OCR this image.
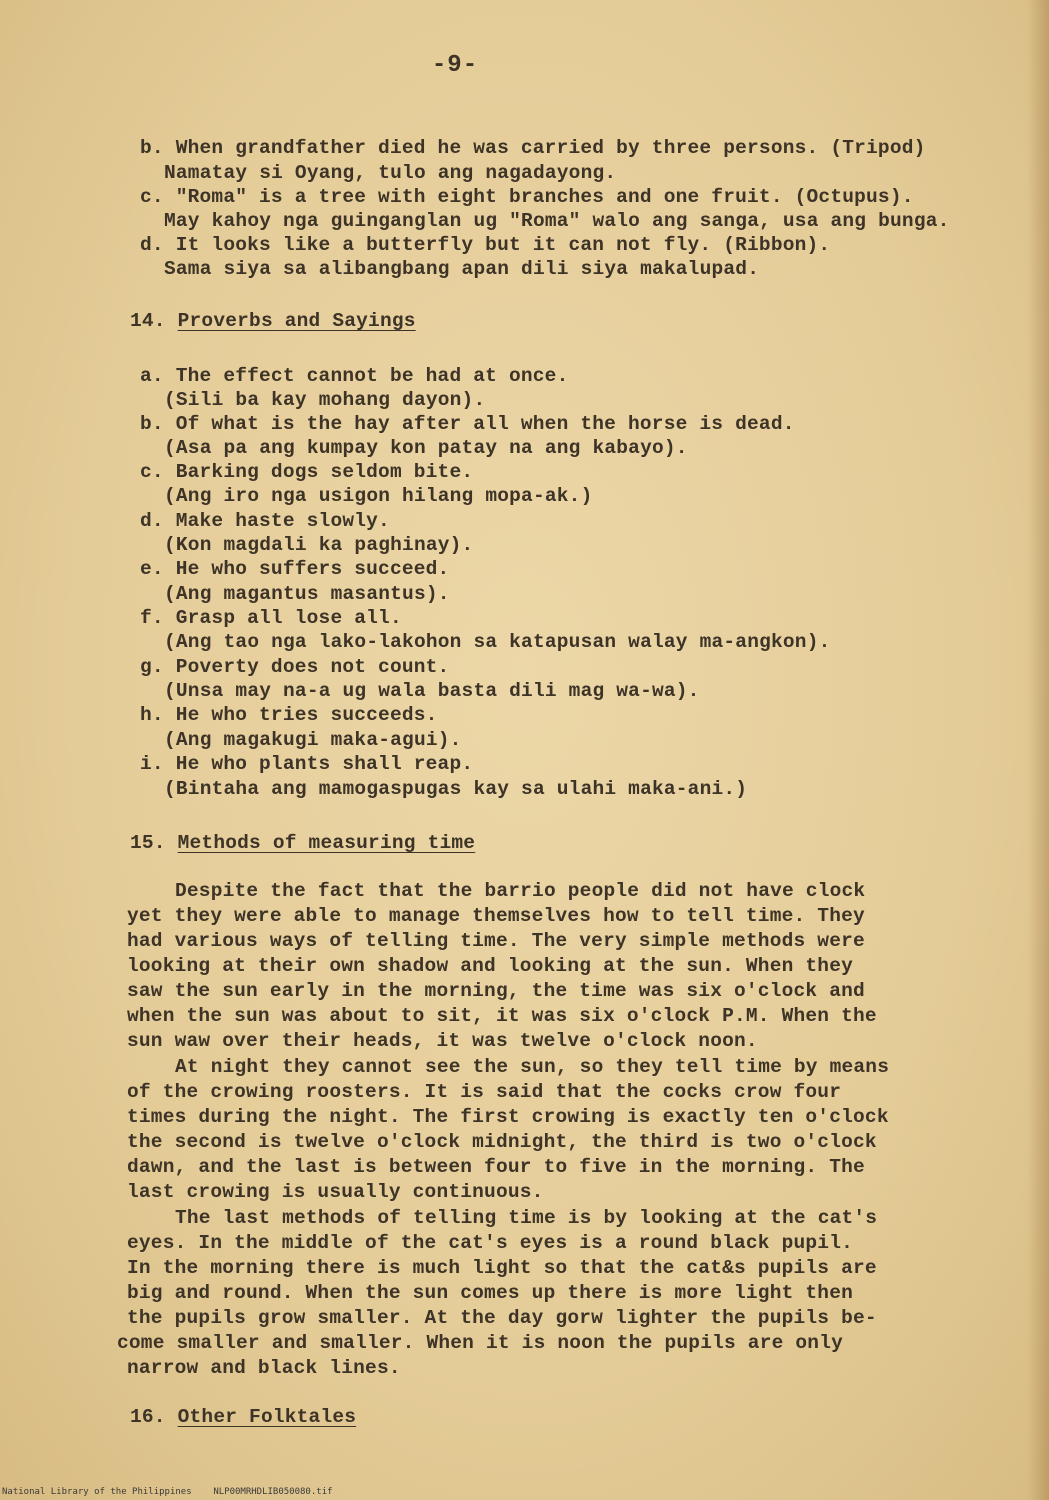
-9-
b. When grandfather died he was carried by three persons. (Tripod)
Namatay si Oyang, tulo ang nagadayong.
c. "Roma" is a tree with eight branches and one fruit. (Octupus).
May kahoy nga guinganglan ug "Roma" walo ang sanga, usa ang bunga.
d. It looks like a butterfly but it can not fly. (Ribbon).
Sama siya sa alibangbang apan dili siya makalupad.
14. Proverbs and Sayings
a. The effect cannot be had at once.
(Sili ba kay mohang dayon).
b. Of what is the hay after all when the horse is dead.
(Asa pa ang kumpay kon patay na ang kabayo).
c. Barking dogs seldom bite.
(Ang iro nga usigon hilang mopa-ak.)
d. Make haste slowly.
(Kon magdali ka paghinay).
e. He who suffers succeed.
(Ang magantus masantus).
f. Grasp all lose all.
(Ang tao nga lako-lakohon sa katapusan walay ma-angkon).
g. Poverty does not count.
(Unsa may na-a ug wala basta dili mag wa-wa).
h. He who tries succeeds.
(Ang magakugi maka-agui).
i. He who plants shall reap.
(Bintaha ang mamogaspugas kay sa ulahi maka-ani.)
15. Methods of measuring time
Despite the fact that the barrio people did not have clock
yet they were able to manage themselves how to tell time. They
had various ways of telling time. The very simple methods were
looking at their own shadow and looking at the sun. When they
saw the sun early in the morning, the time was six o'clock and
when the sun was about to sit, it was six o'clock P.M. When the
sun waw over their heads, it was twelve o'clock noon.
At night they cannot see the sun, so they tell time by means
of the crowing roosters. It is said that the cocks crow four
times during the night. The first crowing is exactly ten o'clock
the second is twelve o'clock midnight, the third is two o'clock
dawn, and the last is between four to five in the morning. The
last crowing is usually continuous.
The last methods of telling time is by looking at the cat's
eyes. In the middle of the cat's eyes is a round black pupil.
In the morning there is much light so that the cat&s pupils are
big and round. When the sun comes up there is more light then
the pupils grow smaller. At the day gorw lighter the pupils be-
come smaller and smaller. When it is noon the pupils are only
narrow and black lines.
16. Other Folktales
National Library of the Philippines    NLP00MRHDLIB050080.tif
